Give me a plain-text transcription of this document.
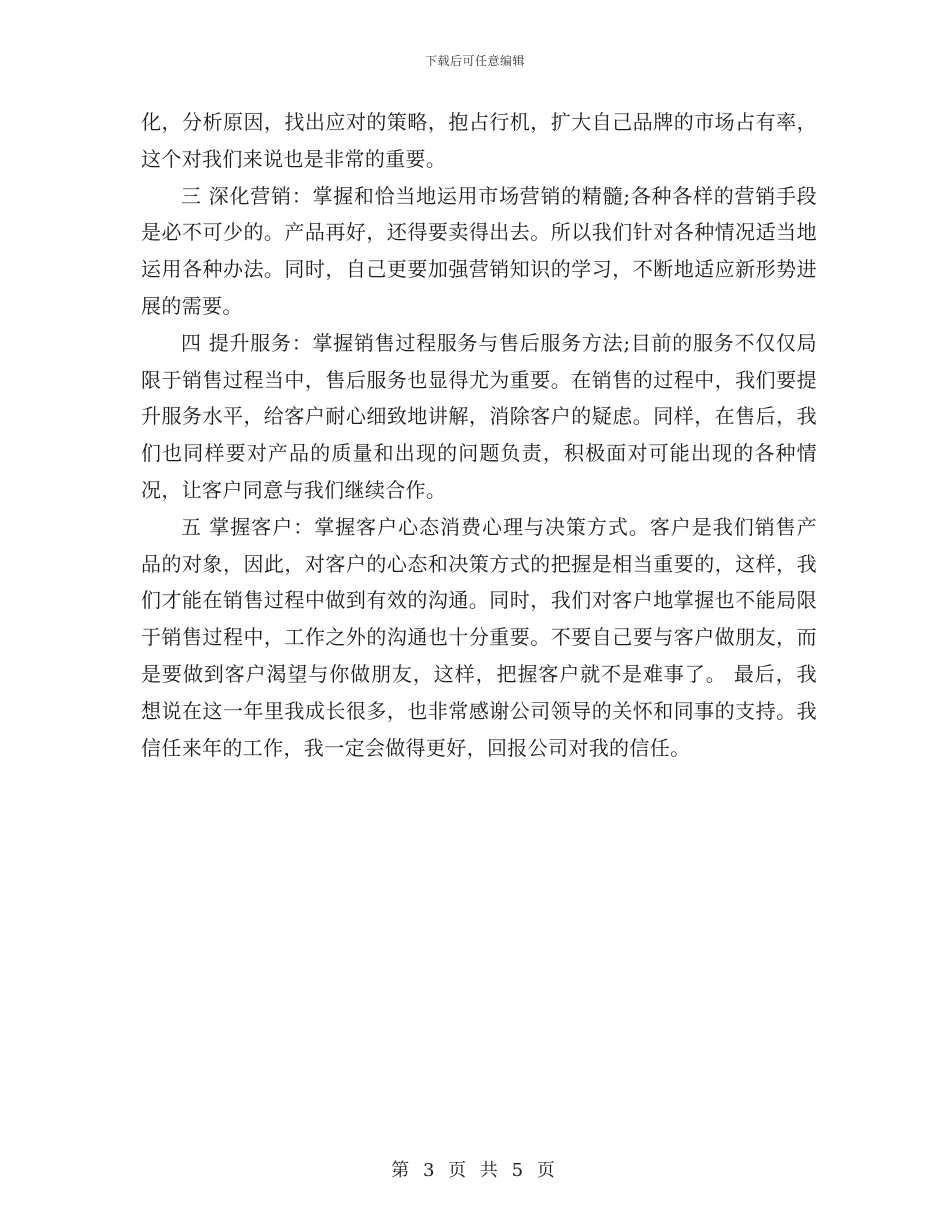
下载后可任意编辑

化，分析原因，找出应对的策略，抱占行机，扩大自己品牌的市场占有率，这个对我们来说也是非常的重要。

三 深化营销：掌握和恰当地运用市场营销的精髓;各种各样的营销手段是必不可少的。产品再好，还得要卖得出去。所以我们针对各种情况适当地运用各种办法。同时，自己更要加强营销知识的学习，不断地适应新形势进展的需要。

四 提升服务：掌握销售过程服务与售后服务方法;目前的服务不仅仅局限于销售过程当中，售后服务也显得尤为重要。在销售的过程中，我们要提升服务水平，给客户耐心细致地讲解，消除客户的疑虑。同样，在售后，我们也同样要对产品的质量和出现的问题负责，积极面对可能出现的各种情况，让客户同意与我们继续合作。

五 掌握客户：掌握客户心态消费心理与决策方式。客户是我们销售产品的对象，因此，对客户的心态和决策方式的把握是相当重要的，这样，我们才能在销售过程中做到有效的沟通。同时，我们对客户地掌握也不能局限于销售过程中，工作之外的沟通也十分重要。不要自己要与客户做朋友，而是要做到客户渴望与你做朋友，这样，把握客户就不是难事了。 最后，我想说在这一年里我成长很多，也非常感谢公司领导的关怀和同事的支持。我信任来年的工作，我一定会做得更好，回报公司对我的信任。

第 3 页 共 5 页
